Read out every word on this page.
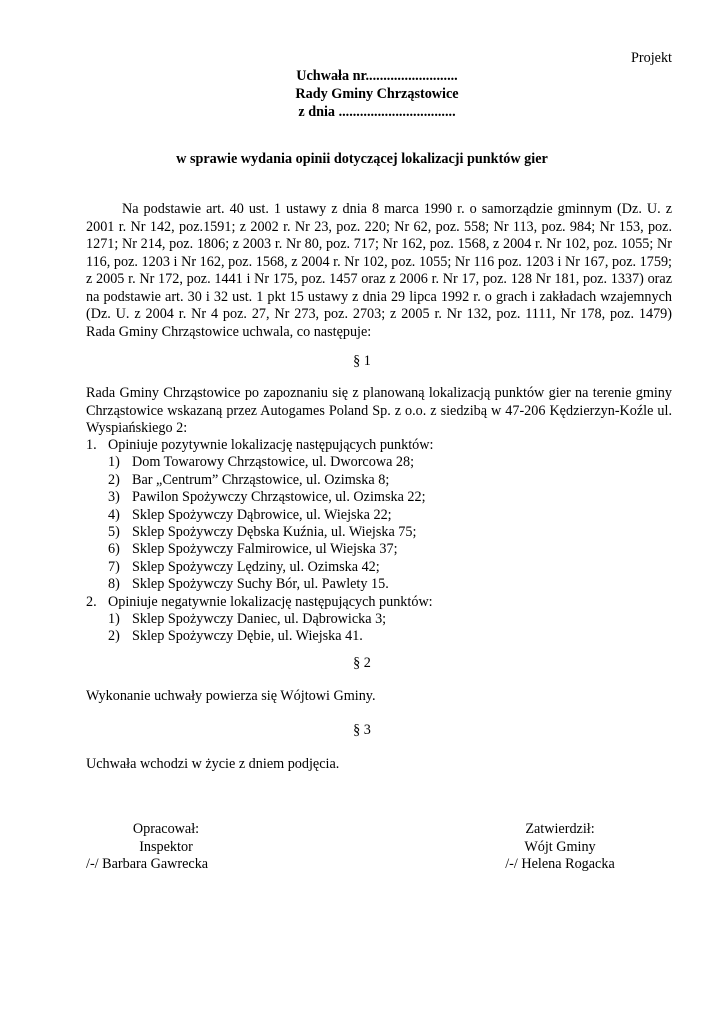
Projekt
Uchwała nr..........................
Rady Gminy Chrząstowice
z dnia .................................
w sprawie wydania opinii dotyczącej lokalizacji punktów gier
Na podstawie art. 40 ust. 1 ustawy z dnia 8 marca 1990 r. o samorządzie gminnym (Dz. U. z 2001 r. Nr 142, poz.1591; z 2002 r. Nr 23, poz. 220; Nr 62, poz. 558; Nr 113, poz. 984; Nr 153, poz. 1271; Nr 214, poz. 1806; z 2003 r. Nr 80, poz. 717; Nr 162, poz. 1568, z 2004 r. Nr 102, poz. 1055; Nr 116, poz. 1203 i Nr 162, poz. 1568, z 2004 r. Nr 102, poz. 1055; Nr 116 poz. 1203 i Nr 167, poz. 1759; z 2005 r. Nr 172, poz. 1441 i Nr 175, poz. 1457 oraz z 2006 r. Nr 17, poz. 128 Nr 181, poz. 1337) oraz na podstawie art. 30 i 32 ust. 1 pkt 15 ustawy z dnia 29 lipca 1992 r. o grach i zakładach wzajemnych (Dz. U. z 2004 r. Nr 4 poz. 27, Nr 273, poz. 2703; z 2005 r. Nr 132, poz. 1111, Nr 178, poz. 1479) Rada Gminy Chrząstowice uchwala, co następuje:
§ 1
Rada Gminy Chrząstowice po zapoznaniu się z planowaną lokalizacją punktów gier na terenie gminy Chrząstowice wskazaną przez Autogames Poland Sp. z o.o. z siedzibą w 47-206 Kędzierzyn-Koźle ul. Wyspiańskiego 2:
1. Opiniuje pozytywnie lokalizację następujących punktów:
1) Dom Towarowy Chrząstowice, ul. Dworcowa 28;
2) Bar „Centrum” Chrząstowice, ul. Ozimska 8;
3) Pawilon Spożywczy Chrząstowice, ul. Ozimska 22;
4) Sklep Spożywczy Dąbrowice, ul. Wiejska 22;
5) Sklep Spożywczy Dębska Kuźnia, ul. Wiejska 75;
6) Sklep Spożywczy Falmirowice, ul Wiejska 37;
7) Sklep Spożywczy Lędziny, ul. Ozimska 42;
8) Sklep Spożywczy Suchy Bór, ul. Pawlety 15.
2. Opiniuje negatywnie lokalizację następujących punktów:
1) Sklep Spożywczy Daniec, ul. Dąbrowicka 3;
2) Sklep Spożywczy Dębie, ul. Wiejska 41.
§ 2
Wykonanie uchwały powierza się Wójtowi Gminy.
§ 3
Uchwała wchodzi w życie z dniem podjęcia.
Opracował:
Inspektor
/-/ Barbara Gawrecka
Zatwierdził:
Wójt Gminy
/-/ Helena Rogacka
